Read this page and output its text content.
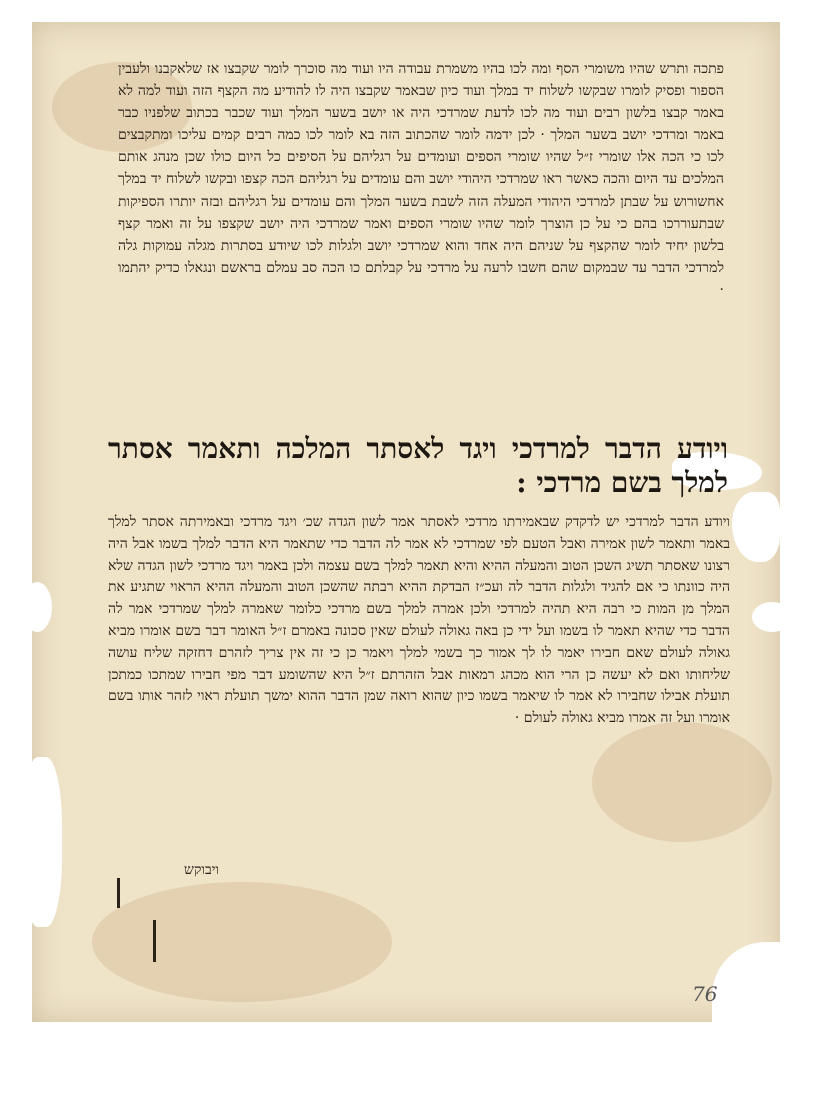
פתכה ותרש שהיו משומרי הסף ומה לכו בהיו משמרת עבודה היו ועוד מה סוכרך לומר שקבצו אז שלאקבנו ולעבין הספור ופסיק לומרו שבקשו לשלוח יד במלך ועוד כיון שבאמר שקבצו היה לו להודיע מה הקצף הזה ועוד למה לא באמר קבצו בלשון רבים ועוד מה לכו לדעת שמרדכי היה או יושב בשער המלך ועוד שכבר בכתוב שלפניו כבר באמר ומרדכי יושב בשער המלך · לכן ידמה לומר שהכתוב הזה בא לומר לכו כמה רבים קמים עליכו ומתקבצים לכו כי הכה אלו שומרי ז״ל שהיו שומרי הספים ועומדים על רגליהם על הסיפים כל היום כולו שכן מנהג אותם המלכים עד היום והכה כאשר ראו שמרדכי היהודי יושב והם עומדים על רגליהם הכה קצפו ובקשו לשלוח יד במלך אחשורוש על שבתן למרדכי היהודי המעלה הזה לשבת בשער המלך והם עומדים על רגליהם ובזה יותרו הספיקות שבתעוררכו בהם כי על כן הוצרך לומר שהיו שומרי הספים ואמר שמרדכי היה יושב שקצפו על זה ואמר קצף בלשון יחיד לומר שהקצף על שניהם היה אחד והוא שמרדכי יושב ולגלות לכו שיודע בסתרות מגלה עמוקות גלה למרדכי הדבר עד שבמקום שהם חשבו לרעה על מרדכי על קבלתם כו הכה סב עמלם בראשם ונגאלו כדיק יהתמו ·
ויודע הדבר למרדכי ויגד לאסתר המלכה ותאמר אסתר למלך בשם מרדכי :
ויודע הדבר למרדכי יש לדקדק שבאמירתו מרדכי לאסתר אמר לשון הגדה שכ׳ ויגד מרדכי ובאמירתה אסתר למלך באמר ותאמר לשון אמירה ואבל הטעם לפי שמרדכי לא אמר לה הדבר כדי שתאמר היא הדבר למלך בשמו אבל היה רצונו שאסתר תשיג השכן הטוב והמעלה ההיא והיא תאמר למלך בשם עצמה ולכן באמר ויגד מרדכי לשון הגדה שלא היה כוונתו כי אם להגיד ולגלות הדבר לה ועכ״ז הבדקת ההיא רבתה שהשכן הטוב והמעלה ההיא הראוי שתגיע את המלך מן המות כי רבה היא תהיה למרדכי ולכן אמרה למלך בשם מרדכי כלומר שאמרה למלך שמרדכי אמר לה הדבר כדי שהיא תאמר לו בשמו ועל ידי כן באה גאולה לעולם שאין סכונה באמרם ז״ל האומר דבר בשם אומרו מביא גאולה לעולם שאם חבירו יאמר לו לך אמור כך בשמי למלך ויאמר כן כי זה אין צריך לזהרם דחזקה שליח עושה שליחותו ואם לא יעשה כן הרי הוא מכהג רמאות אבל הזהרתם ז״ל היא שהשומע דבר מפי חבירו שמתכו כמתכן תועלת אבילו שחבירו לא אמר לו שיאמר בשמו כיון שהוא רואה שמן הדבר ההוא ימשך תועלת ראוי לזהר אותו בשם אומרו ועל זה אמרו מביא גאולה לעולם ·
ויבוקש
76
